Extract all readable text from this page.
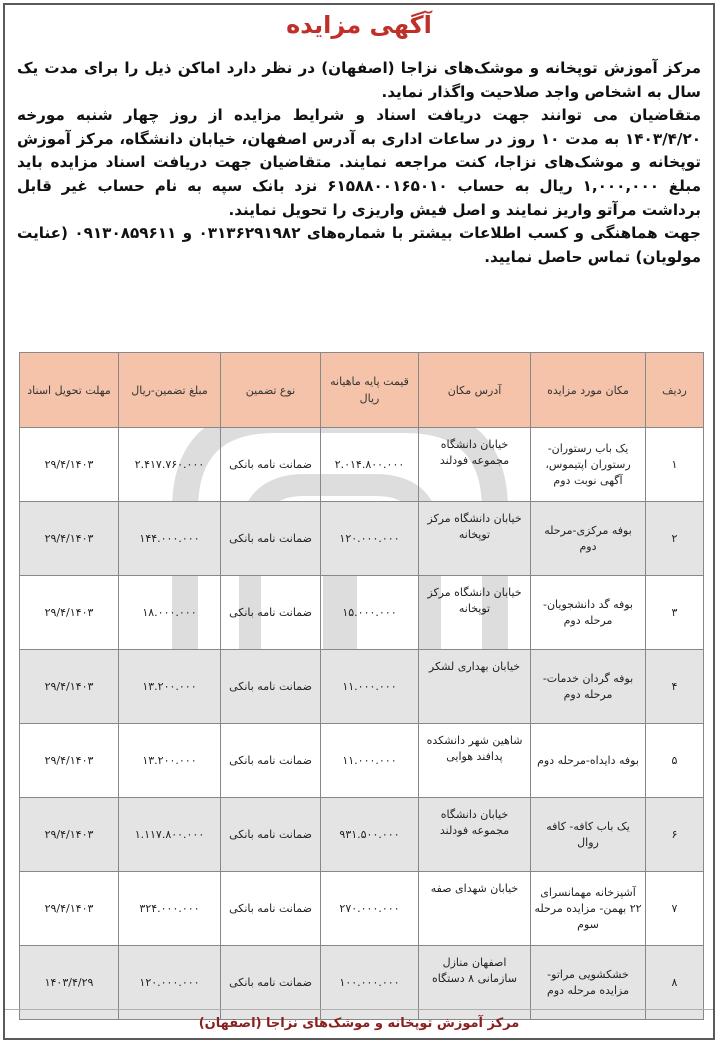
آگهی مزایده

مرکز آموزش توپخانه و موشک‌های نزاجا (اصفهان) در نظر دارد اماکن ذیل را برای مدت یک سال به اشخاص واجد صلاحیت واگذار نماید.

متقاضیان می توانند جهت دریافت اسناد و شرایط مزایده از روز چهار شنبه مورخه ۱۴۰۳/۴/۲۰ به مدت ۱۰ روز در ساعات اداری به آدرس اصفهان، خیابان دانشگاه، مرکز آموزش توپخانه و موشک‌های نزاجا، کنت مراجعه نمایند. متقاضیان جهت دریافت اسناد مزایده باید مبلغ ۱,۰۰۰,۰۰۰ ریال به حساب ۶۱۵۸۸۰۰۱۶۵۰۱۰ نزد بانک سپه به نام حساب غیر قابل برداشت مرآتو واریز نمایند و اصل فیش واریزی را تحویل نمایند.

جهت هماهنگی و کسب اطلاعات بیشتر با شماره‌های ۰۳۱۳۶۲۹۱۹۸۲ و ۰۹۱۳۰۸۵۹۶۱۱ (عنایت مولویان) تماس حاصل نمایید.

ردیف	مکان مورد مزایده	آدرس مکان	قیمت پایه ماهیانه ریال	نوع تضمین	مبلغ تضمین-ریال	مهلت تحویل اسناد
۱	یک باب رستوران- رستوران اپتیموس، آگهی نوبت دوم	خیابان دانشگاه مجموعه فودلند	۲.۰۱۴.۸۰۰.۰۰۰	ضمانت نامه بانکی	۲.۴۱۷.۷۶۰.۰۰۰	۲۹/۴/۱۴۰۳
۲	بوفه مرکزی-مرحله دوم	خیابان دانشگاه مرکز توپخانه	۱۲۰.۰۰۰.۰۰۰	ضمانت نامه بانکی	۱۴۴.۰۰۰.۰۰۰	۲۹/۴/۱۴۰۳
۳	بوفه گد دانشجویان- مرحله دوم	خیابان دانشگاه مرکز توپخانه	۱۵.۰۰۰.۰۰۰	ضمانت نامه بانکی	۱۸.۰۰۰.۰۰۰	۲۹/۴/۱۴۰۳
۴	بوفه گردان خدمات- مرحله دوم	خیابان بهداری لشکر	۱۱.۰۰۰.۰۰۰	ضمانت نامه بانکی	۱۳.۲۰۰.۰۰۰	۲۹/۴/۱۴۰۳
۵	بوفه دایداه-مرحله دوم	شاهین شهر دانشکده پدافند هوایی	۱۱.۰۰۰.۰۰۰	ضمانت نامه بانکی	۱۳.۲۰۰.۰۰۰	۲۹/۴/۱۴۰۳
۶	یک باب کافه- کافه روال	خیابان دانشگاه مجموعه فودلند	۹۳۱.۵۰۰.۰۰۰	ضمانت نامه بانکی	۱.۱۱۷.۸۰۰.۰۰۰	۲۹/۴/۱۴۰۳
۷	آشپزخانه مهمانسرای ۲۲ بهمن- مزایده مرحله سوم	خیابان شهدای صفه	۲۷۰.۰۰۰.۰۰۰	ضمانت نامه بانکی	۳۲۴.۰۰۰.۰۰۰	۲۹/۴/۱۴۰۳
۸	خشکشویی مراتو- مزایده مرحله دوم	اصفهان منازل سازمانی ۸ دستگاه	۱۰۰.۰۰۰.۰۰۰	ضمانت نامه بانکی	۱۲۰.۰۰۰.۰۰۰	۱۴۰۳/۴/۲۹
مرکز آموزش توپخانه و موشک‌های نزاجا (اصفهان)
